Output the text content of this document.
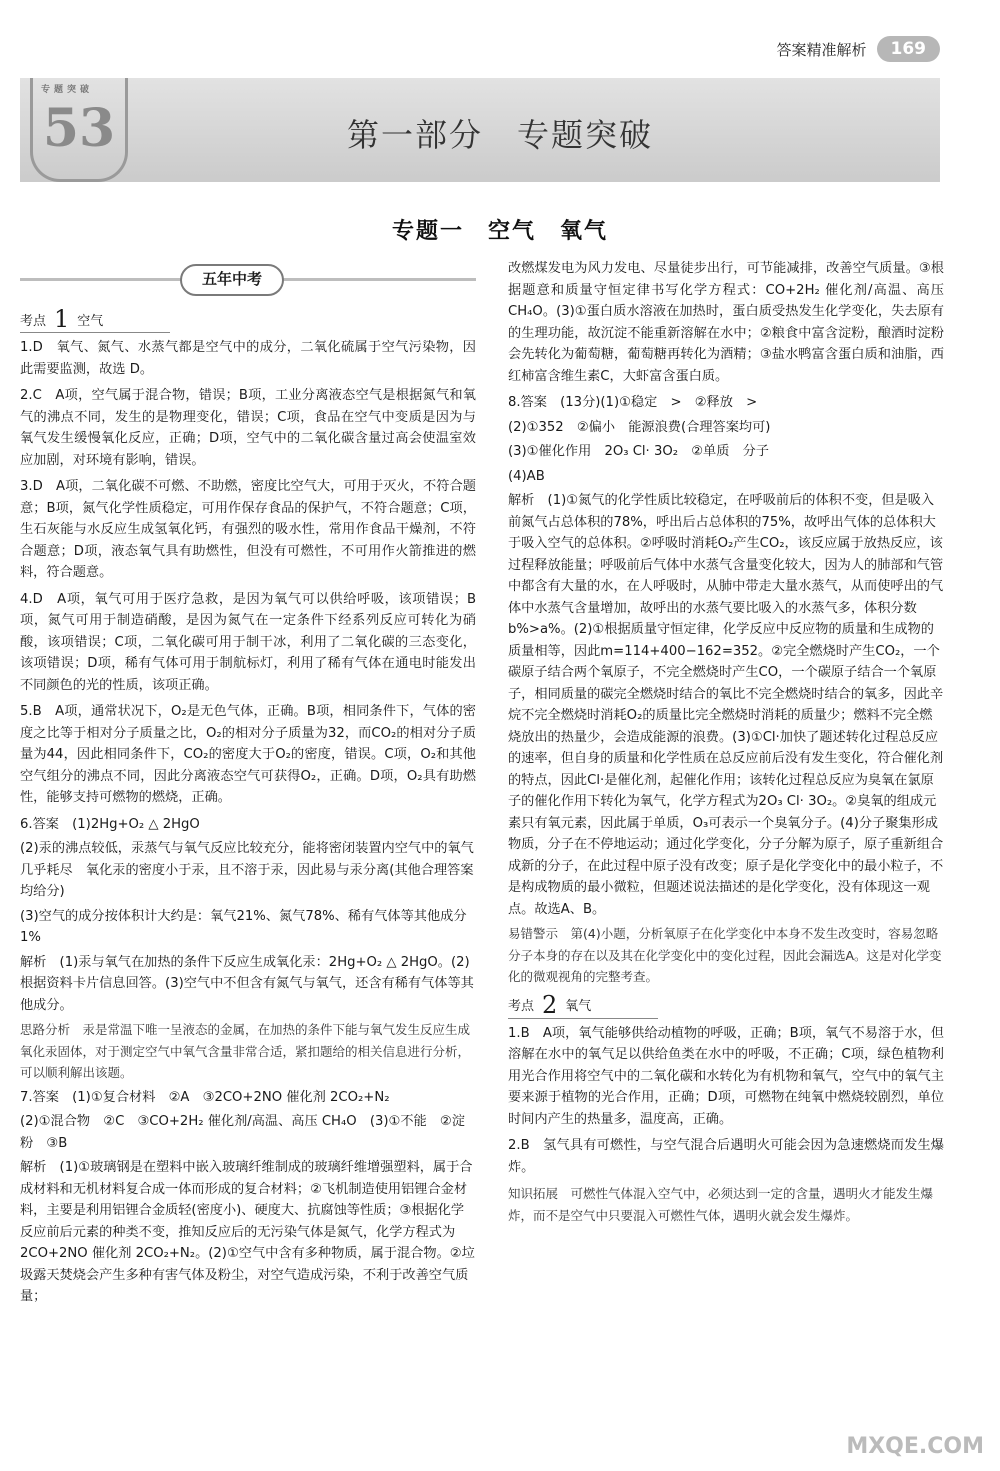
答案精准解析	169
专题突破
53	第一部分　专题突破
专题一　空气　氧气
五年中考
考点 1 空气

1.D　氧气、氮气、水蒸气都是空气中的成分，二氧化硫属于空气污染物，因此需要监测，故选 D。

2.C　A项，空气属于混合物，错误；B项，工业分离液态空气是根据氮气和氧气的沸点不同，发生的是物理变化，错误；C项，食品在空气中变质是因为与氧气发生缓慢氧化反应，正确；D项，空气中的二氧化碳含量过高会使温室效应加剧，对环境有影响，错误。

3.D　A项，二氧化碳不可燃、不助燃，密度比空气大，可用于灭火，不符合题意；B项，氮气化学性质稳定，可用作保存食品的保护气，不符合题意；C项，生石灰能与水反应生成氢氧化钙，有强烈的吸水性，常用作食品干燥剂，不符合题意；D项，液态氧气具有助燃性，但没有可燃性，不可用作火箭推进的燃料，符合题意。

4.D　A项，氧气可用于医疗急救，是因为氧气可以供给呼吸，该项错误；B项，氮气可用于制造硝酸，是因为氮气在一定条件下经系列反应可转化为硝酸，该项错误；C项，二氧化碳可用于制干冰，利用了二氧化碳的三态变化，该项错误；D项，稀有气体可用于制航标灯，利用了稀有气体在通电时能发出不同颜色的光的性质，该项正确。

5.B　A项，通常状况下，O₂是无色气体，正确。B项，相同条件下，气体的密度之比等于相对分子质量之比，O₂的相对分子质量为32，而CO₂的相对分子质量为44，因此相同条件下，CO₂的密度大于O₂的密度，错误。C项，O₂和其他空气组分的沸点不同，因此分离液态空气可获得O₂，正确。D项，O₂具有助燃性，能够支持可燃物的燃烧，正确。

6.答案　(1)2Hg+O₂ △ 2HgO

(2)汞的沸点较低，汞蒸气与氧气反应比较充分，能将密闭装置内空气中的氧气几乎耗尽　氧化汞的密度小于汞，且不溶于汞，因此易与汞分离(其他合理答案均给分)

(3)空气的成分按体积计大约是：氧气21%、氮气78%、稀有气体等其他成分1%

解析　(1)汞与氧气在加热的条件下反应生成氧化汞：2Hg+O₂ △ 2HgO。(2)根据资料卡片信息回答。(3)空气中不但含有氮气与氧气，还含有稀有气体等其他成分。

思路分析　汞是常温下唯一呈液态的金属，在加热的条件下能与氧气发生反应生成氧化汞固体，对于测定空气中氧气含量非常合适，紧扣题给的相关信息进行分析，可以顺利解出该题。

7.答案　(1)①复合材料　②A　③2CO+2NO 催化剂 2CO₂+N₂

(2)①混合物　②C　③CO+2H₂ 催化剂/高温、高压 CH₄O　(3)①不能　②淀粉　③B

解析　(1)①玻璃钢是在塑料中嵌入玻璃纤维制成的玻璃纤维增强塑料，属于合成材料和无机材料复合成一体而形成的复合材料；②飞机制造使用铝锂合金材料，主要是利用铝锂合金质轻(密度小)、硬度大、抗腐蚀等性质；③根据化学反应前后元素的种类不变，推知反应后的无污染气体是氮气，化学方程式为2CO+2NO 催化剂 2CO₂+N₂。(2)①空气中含有多种物质，属于混合物。②垃圾露天焚烧会产生多种有害气体及粉尘，对空气造成污染，不利于改善空气质量；

改燃煤发电为风力发电、尽量徒步出行，可节能减排，改善空气质量。③根据题意和质量守恒定律书写化学方程式：CO+2H₂ 催化剂/高温、高压 CH₄O。(3)①蛋白质水溶液在加热时，蛋白质受热发生化学变化，失去原有的生理功能，故沉淀不能重新溶解在水中；②粮食中富含淀粉，酿酒时淀粉会先转化为葡萄糖，葡萄糖再转化为酒精；③盐水鸭富含蛋白质和油脂，西红柿富含维生素C，大虾富含蛋白质。

8.答案　(13分)(1)①稳定　>　②释放　>

(2)①352　②偏小　能源浪费(合理答案均可)

(3)①催化作用　2O₃ Cl· 3O₂　②单质　分子

(4)AB

解析　(1)①氮气的化学性质比较稳定，在呼吸前后的体积不变，但是吸入前氮气占总体积的78%，呼出后占总体积的75%，故呼出气体的总体积大于吸入空气的总体积。②呼吸时消耗O₂产生CO₂，该反应属于放热反应，该过程释放能量；呼吸前后气体中水蒸气含量变化较大，因为人的肺部和气管中都含有大量的水，在人呼吸时，从肺中带走大量水蒸气，从而使呼出的气体中水蒸气含量增加，故呼出的水蒸气要比吸入的水蒸气多，体积分数b%>a%。(2)①根据质量守恒定律，化学反应中反应物的质量和生成物的质量相等，因此m=114+400−162=352。②完全燃烧时产生CO₂，一个碳原子结合两个氧原子，不完全燃烧时产生CO，一个碳原子结合一个氧原子，相同质量的碳完全燃烧时结合的氧比不完全燃烧时结合的氧多，因此辛烷不完全燃烧时消耗O₂的质量比完全燃烧时消耗的质量少；燃料不完全燃烧放出的热量少，会造成能源的浪费。(3)①Cl·加快了题述转化过程总反应的速率，但自身的质量和化学性质在总反应前后没有发生变化，符合催化剂的特点，因此Cl·是催化剂，起催化作用；该转化过程总反应为臭氧在氯原子的催化作用下转化为氧气，化学方程式为2O₃ Cl· 3O₂。②臭氧的组成元素只有氧元素，因此属于单质，O₃可表示一个臭氧分子。(4)分子聚集形成物质，分子在不停地运动；通过化学变化，分子分解为原子，原子重新组合成新的分子，在此过程中原子没有改变；原子是化学变化中的最小粒子，不是构成物质的最小微粒，但题述说法描述的是化学变化，没有体现这一观点。故选A、B。

易错警示　第(4)小题，分析氧原子在化学变化中本身不发生改变时，容易忽略分子本身的存在以及其在化学变化中的变化过程，因此会漏选A。这是对化学变化的微观视角的完整考查。

考点 2 氧气

1.B　A项，氧气能够供给动植物的呼吸，正确；B项，氧气不易溶于水，但溶解在水中的氧气足以供给鱼类在水中的呼吸，不正确；C项，绿色植物利用光合作用将空气中的二氧化碳和水转化为有机物和氧气，空气中的氧气主要来源于植物的光合作用，正确；D项，可燃物在纯氧中燃烧较剧烈，单位时间内产生的热量多，温度高，正确。

2.B　氢气具有可燃性，与空气混合后遇明火可能会因为急速燃烧而发生爆炸。

知识拓展　可燃性气体混入空气中，必须达到一定的含量，遇明火才能发生爆炸，而不是空气中只要混入可燃性气体，遇明火就会发生爆炸。

MXQE.COM
